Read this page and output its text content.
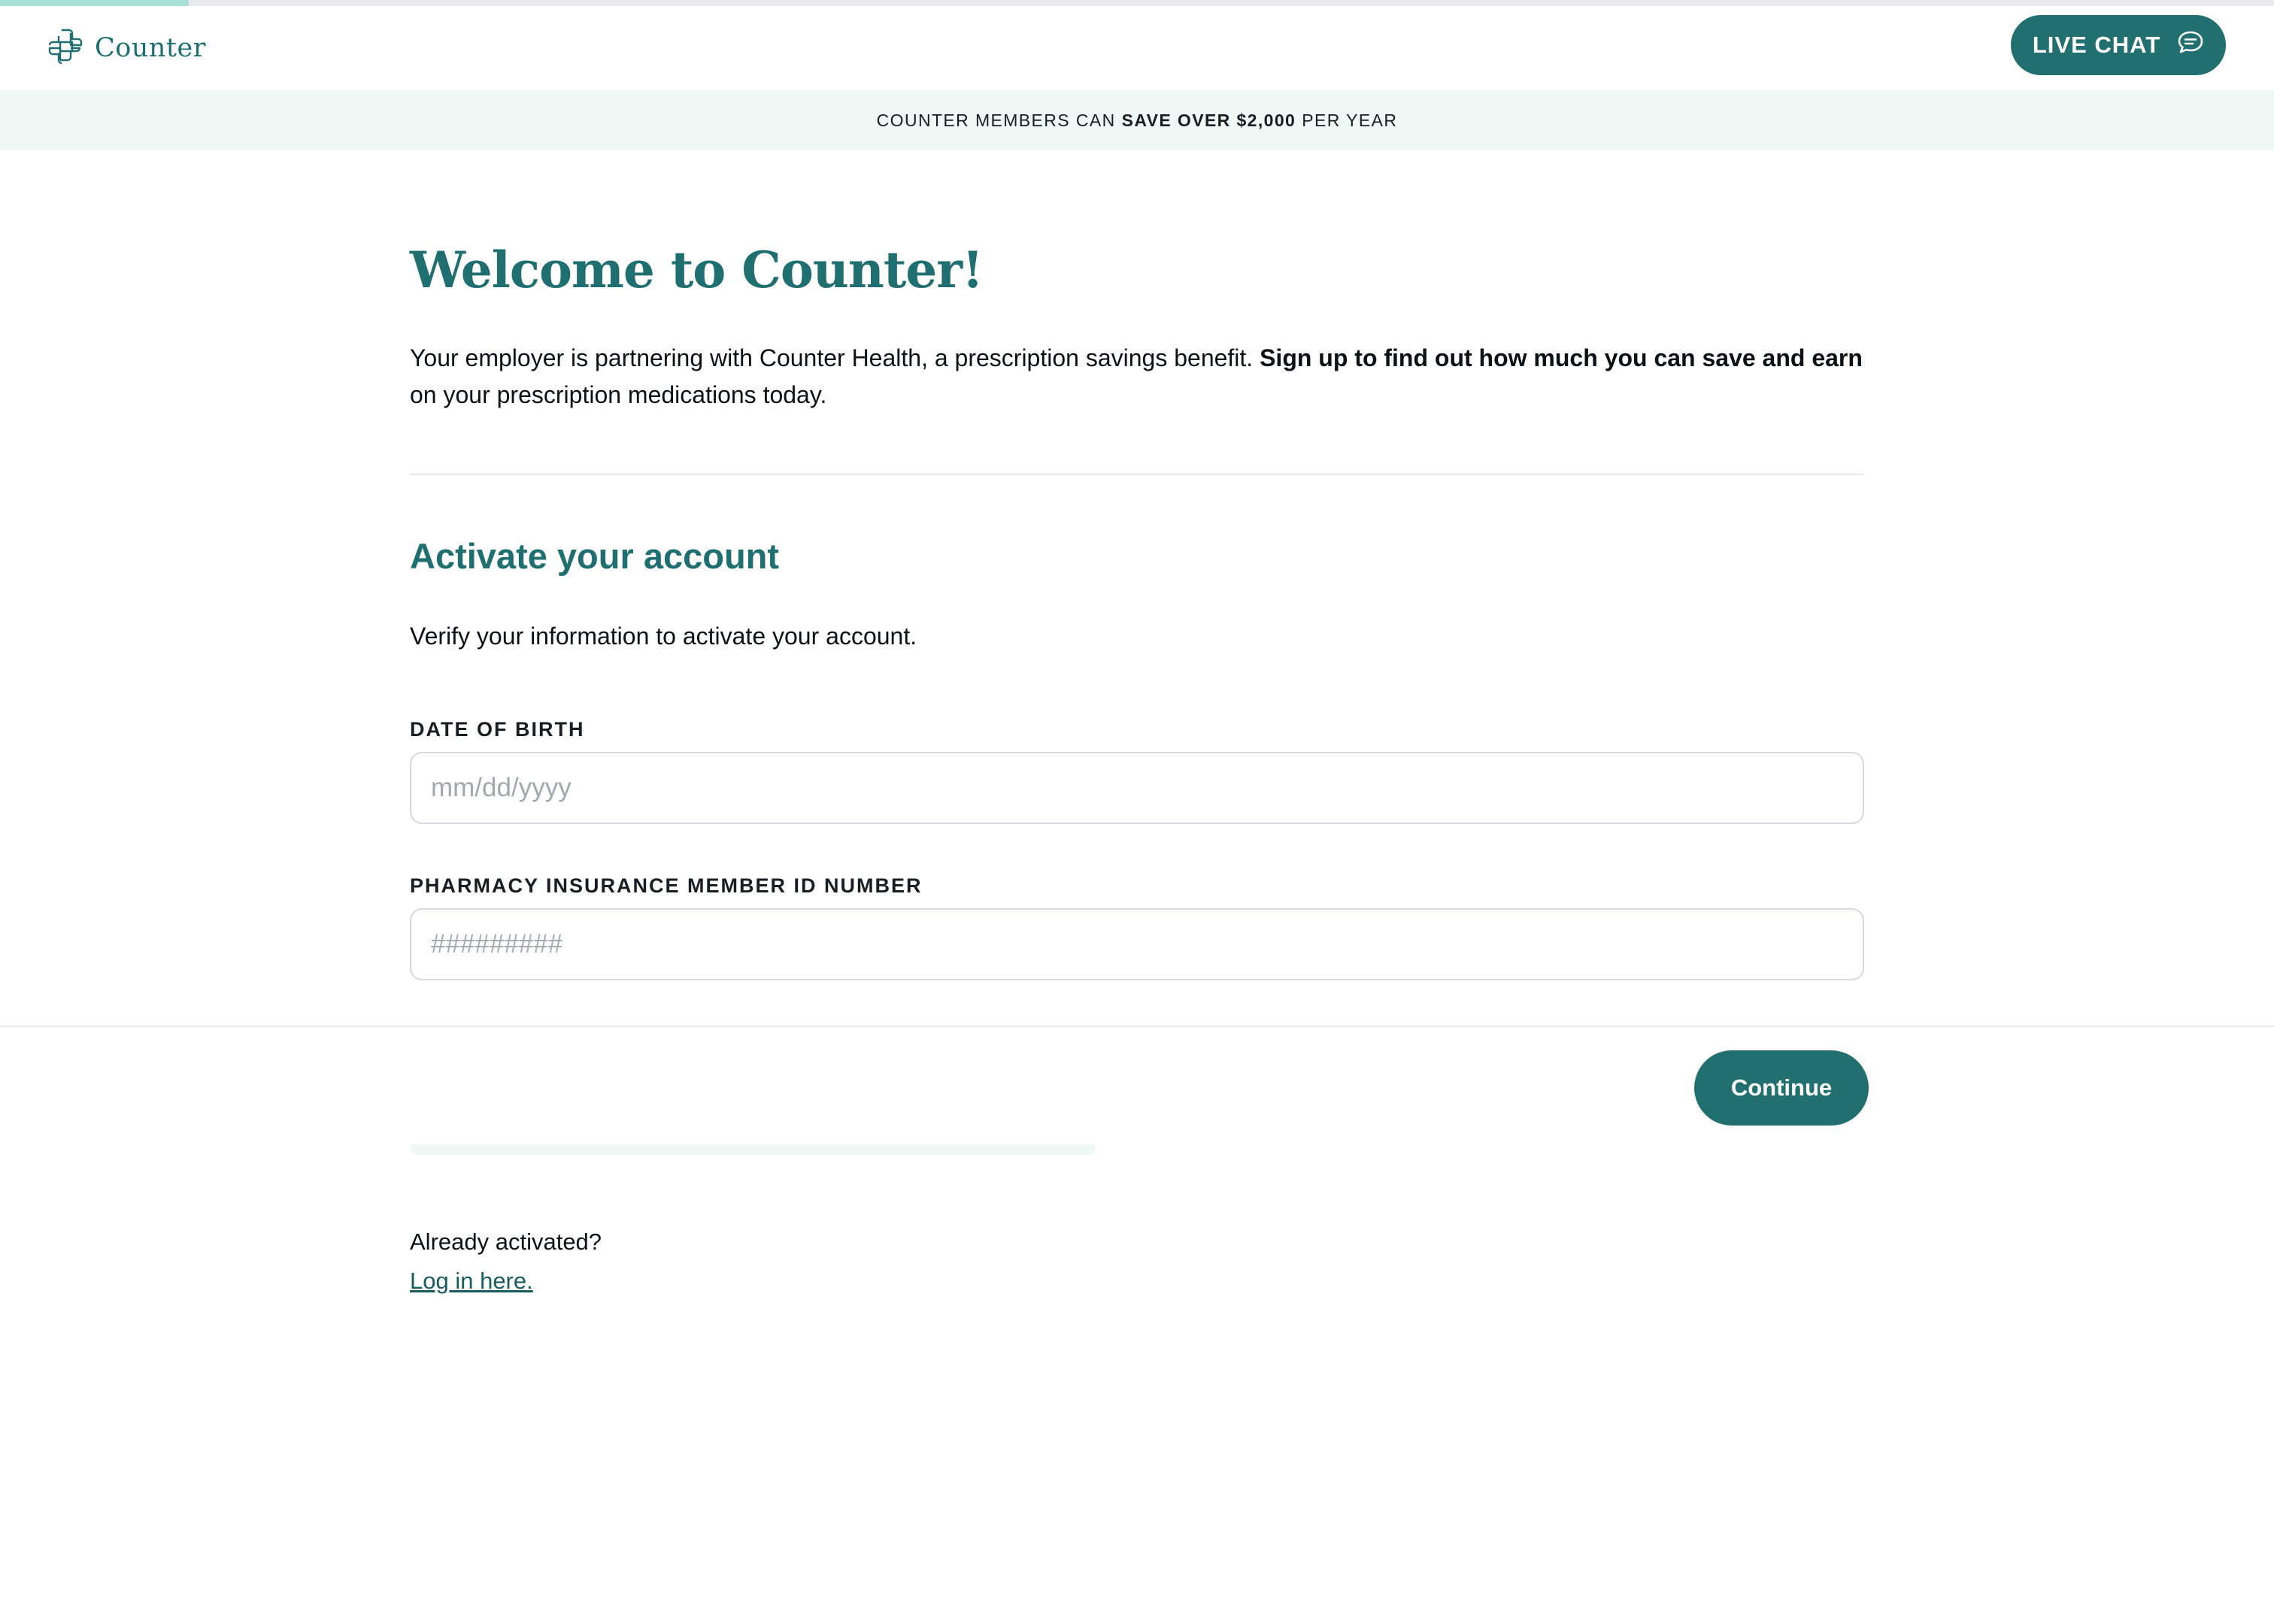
Counter	LIVE CHAT
COUNTER MEMBERS CAN SAVE OVER $2,000 PER YEAR
Welcome to Counter!

Your employer is partnering with Counter Health, a prescription savings benefit. Sign up to find out how much you can save and earn on your prescription medications today.

Activate your account

Verify your information to activate your account.

DATE OF BIRTH
mm/dd/yyyy
PHARMACY INSURANCE MEMBER ID NUMBER
#########
Continue

Already activated?

Log in here.
